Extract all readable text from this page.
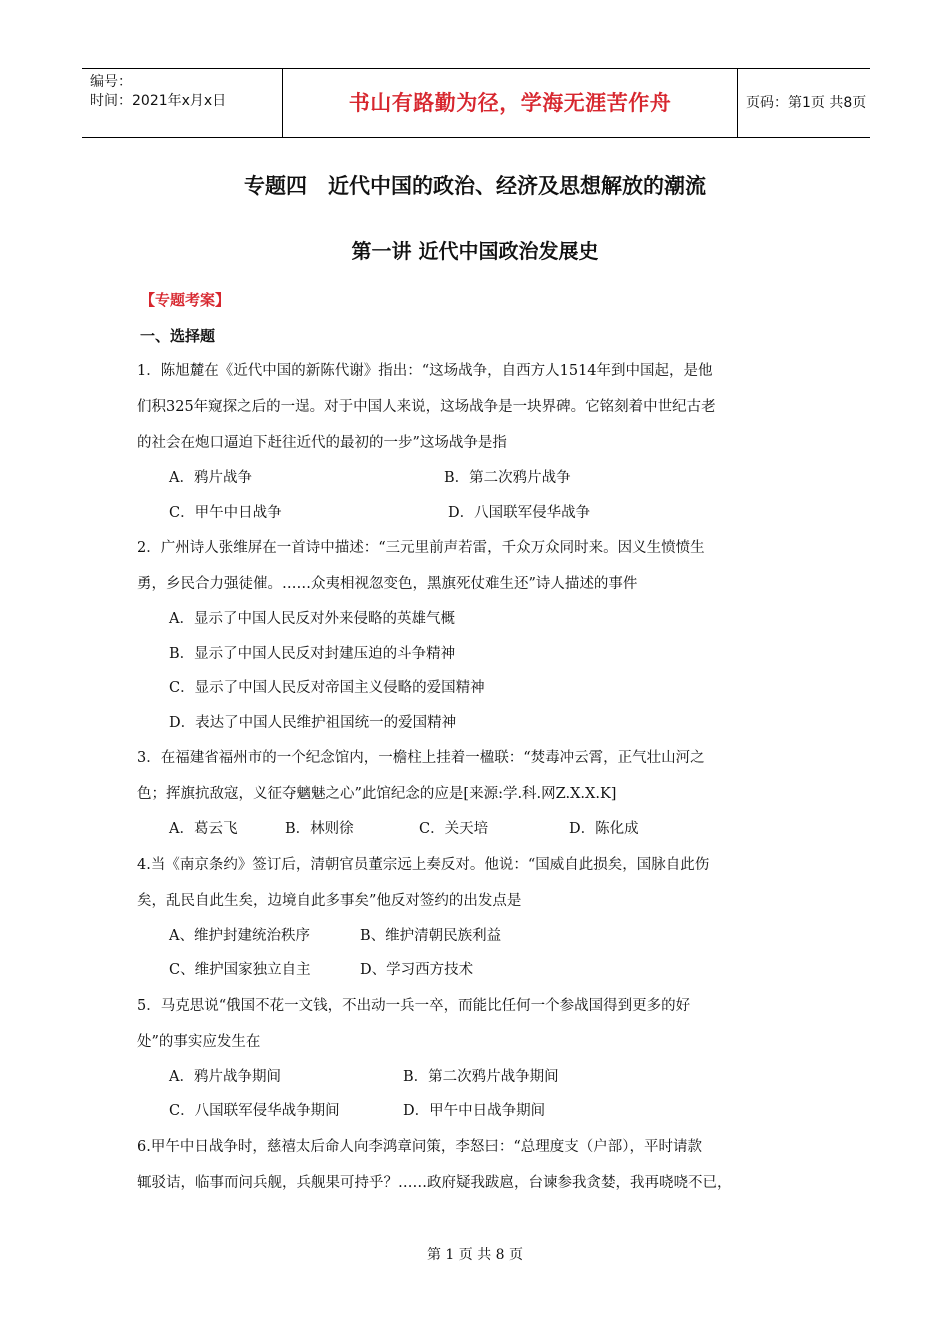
编号：
时间：2021年x月x日	书山有路勤为径，学海无涯苦作舟	页码：第1页 共8页
专题四　近代中国的政治、经济及思想解放的潮流
第一讲 近代中国政治发展史
【专题考案】
一、选择题
1．陈旭麓在《近代中国的新陈代谢》指出：“这场战争，自西方人1514年到中国起，是他
们积325年窥探之后的一逞。对于中国人来说，这场战争是一块界碑。它铭刻着中世纪古老
的社会在炮口逼迫下赶往近代的最初的一步”这场战争是指
A．鸦片战争	B．第二次鸦片战争
C．甲午中日战争	D．八国联军侵华战争
2．广州诗人张维屏在一首诗中描述：“三元里前声若雷，千众万众同时来。因义生愤愤生
勇，乡民合力强徒催。……众夷相视忽变色，黑旗死仗难生还”诗人描述的事件
A．显示了中国人民反对外来侵略的英雄气概
B．显示了中国人民反对封建压迫的斗争精神
C．显示了中国人民反对帝国主义侵略的爱国精神
D．表达了中国人民维护祖国统一的爱国精神
3．在福建省福州市的一个纪念馆内，一檐柱上挂着一楹联：“焚毒冲云霄，正气壮山河之
色；挥旗抗敌寇，义征夺魑魅之心”此馆纪念的应是[来源:学.科.网Z.X.X.K]
A．葛云飞	B．林则徐	C．关天培	D．陈化成
4.当《南京条约》签订后，清朝官员董宗远上奏反对。他说：“国威自此损矣，国脉自此伤
矣，乱民自此生矣，边境自此多事矣”他反对签约的出发点是
A、维护封建统治秩序	B、维护清朝民族利益
C、维护国家独立自主	D、学习西方技术
5．马克思说“俄国不花一文钱，不出动一兵一卒，而能比任何一个参战国得到更多的好
处”的事实应发生在
A．鸦片战争期间	B．第二次鸦片战争期间
C．八国联军侵华战争期间	D．甲午中日战争期间
6.甲午中日战争时，慈禧太后命人向李鸿章问策，李怒曰：“总理度支（户部），平时请款
辄驳诘，临事而问兵舰，兵舰果可持乎？……政府疑我跋扈，台谏参我贪婪，我再哓哓不已，
第 1 页 共 8 页
